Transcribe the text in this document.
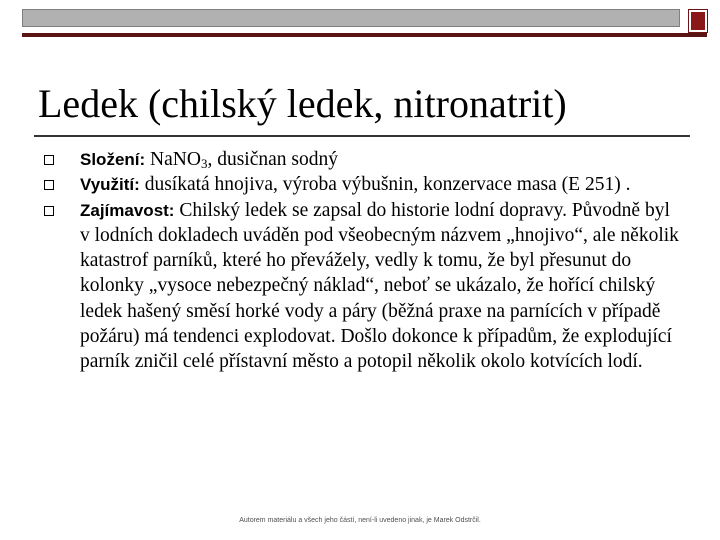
Ledek (chilský ledek, nitronatrit)
Složení: NaNO$_3$, dusičnan sodný
Využití: dusíkatá hnojiva, výroba výbušnin, konzervace masa (E 251) .
Zajímavost: Chilský ledek se zapsal do historie lodní dopravy. Původně byl v lodních dokladech uváděn pod všeobecným názvem „hnojivo“, ale několik katastrof parníků, které ho převážely, vedly k tomu, že byl přesunut do kolonky „vysoce nebezpečný náklad“, neboť se ukázalo, že hořící chilský ledek hašený směsí horké vody a páry (běžná praxe na parnících v případě požáru) má tendenci explodovat. Došlo dokonce k případům, že explodující parník zničil celé přístavní město a potopil několik okolo kotvících lodí.
Autorem materiálu a všech jeho částí, není-li uvedeno jinak, je Marek Odstrčil.
